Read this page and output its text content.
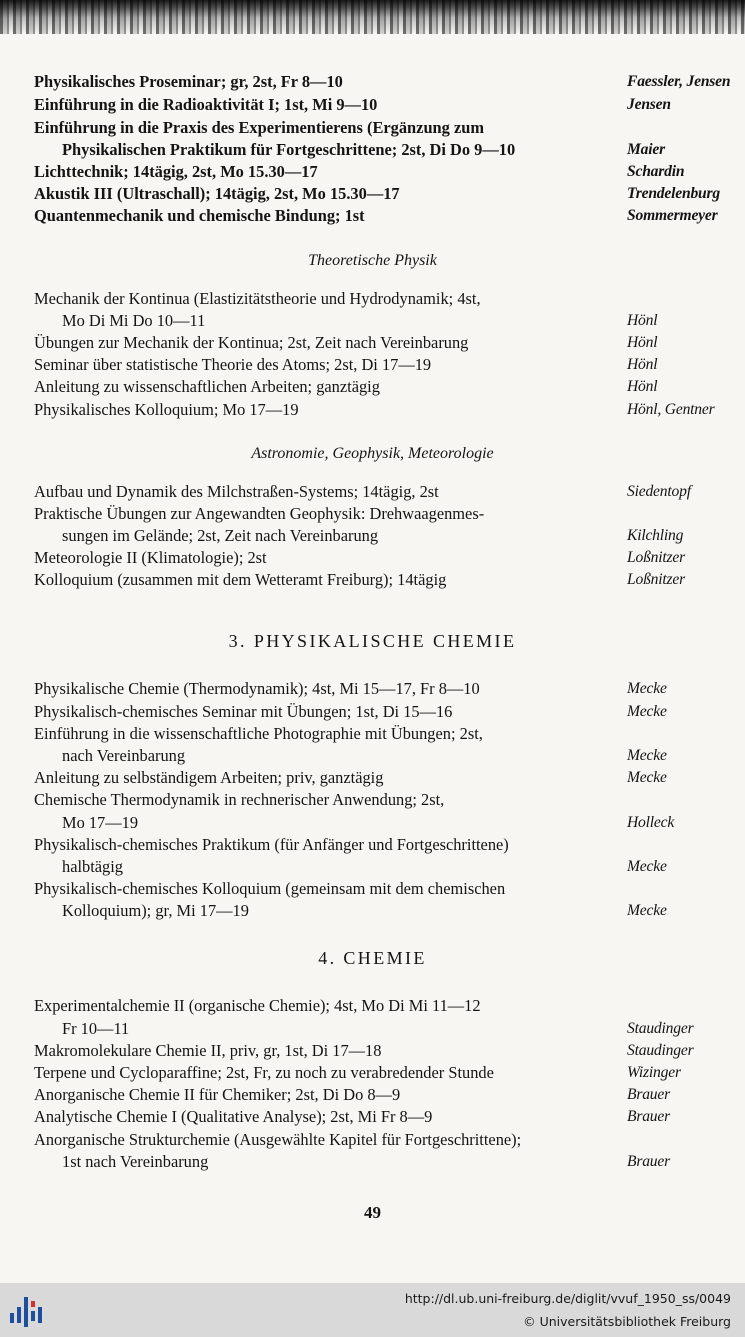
Physikalisches Proseminar; gr, 2st, Fr 8—10	Faessler, Jensen
Einführung in die Radioaktivität I; 1st, Mi 9—10	Jensen
Einführung in die Praxis des Experimentierens (Ergänzung zum
Physikalischen Praktikum für Fortgeschrittene; 2st, Di Do 9—10	Maier
Lichttechnik; 14tägig, 2st, Mo 15.30—17	Schardin
Akustik III (Ultraschall); 14tägig, 2st, Mo 15.30—17	Trendelenburg
Quantenmechanik und chemische Bindung; 1st	Sommermeyer
Theoretische Physik
Mechanik der Kontinua (Elastizitätstheorie und Hydrodynamik; 4st,
Mo Di Mi Do 10—11	Hönl
Übungen zur Mechanik der Kontinua; 2st, Zeit nach Vereinbarung	Hönl
Seminar über statistische Theorie des Atoms; 2st, Di 17—19	Hönl
Anleitung zu wissenschaftlichen Arbeiten; ganztägig	Hönl
Physikalisches Kolloquium; Mo 17—19	Hönl, Gentner
Astronomie, Geophysik, Meteorologie
Aufbau und Dynamik des Milchstraßen-Systems; 14tägig, 2st	Siedentopf
Praktische Übungen zur Angewandten Geophysik: Drehwaagenmes-
sungen im Gelände; 2st, Zeit nach Vereinbarung	Kilchling
Meteorologie II (Klimatologie); 2st	Loßnitzer
Kolloquium (zusammen mit dem Wetteramt Freiburg); 14tägig	Loßnitzer
3. PHYSIKALISCHE CHEMIE
Physikalische Chemie (Thermodynamik); 4st, Mi 15—17, Fr 8—10	Mecke
Physikalisch-chemisches Seminar mit Übungen; 1st, Di 15—16	Mecke
Einführung in die wissenschaftliche Photographie mit Übungen; 2st,
nach Vereinbarung	Mecke
Anleitung zu selbständigem Arbeiten; priv, ganztägig	Mecke
Chemische Thermodynamik in rechnerischer Anwendung; 2st,
Mo 17—19	Holleck
Physikalisch-chemisches Praktikum (für Anfänger und Fortgeschrittene)
halbtägig	Mecke
Physikalisch-chemisches Kolloquium (gemeinsam mit dem chemischen
Kolloquium); gr, Mi 17—19	Mecke
4. CHEMIE
Experimentalchemie II (organische Chemie); 4st, Mo Di Mi 11—12
Fr 10—11	Staudinger
Makromolekulare Chemie II, priv, gr, 1st, Di 17—18	Staudinger
Terpene und Cycloparaffine; 2st, Fr, zu noch zu verabredender Stunde	Wizinger
Anorganische Chemie II für Chemiker; 2st, Di Do 8—9	Brauer
Analytische Chemie I (Qualitative Analyse); 2st, Mi Fr 8—9	Brauer
Anorganische Strukturchemie (Ausgewählte Kapitel für Fortgeschrittene);
1st nach Vereinbarung	Brauer
49
http://dl.ub.uni-freiburg.de/diglit/vvuf_1950_ss/0049
© Universitätsbibliothek Freiburg
